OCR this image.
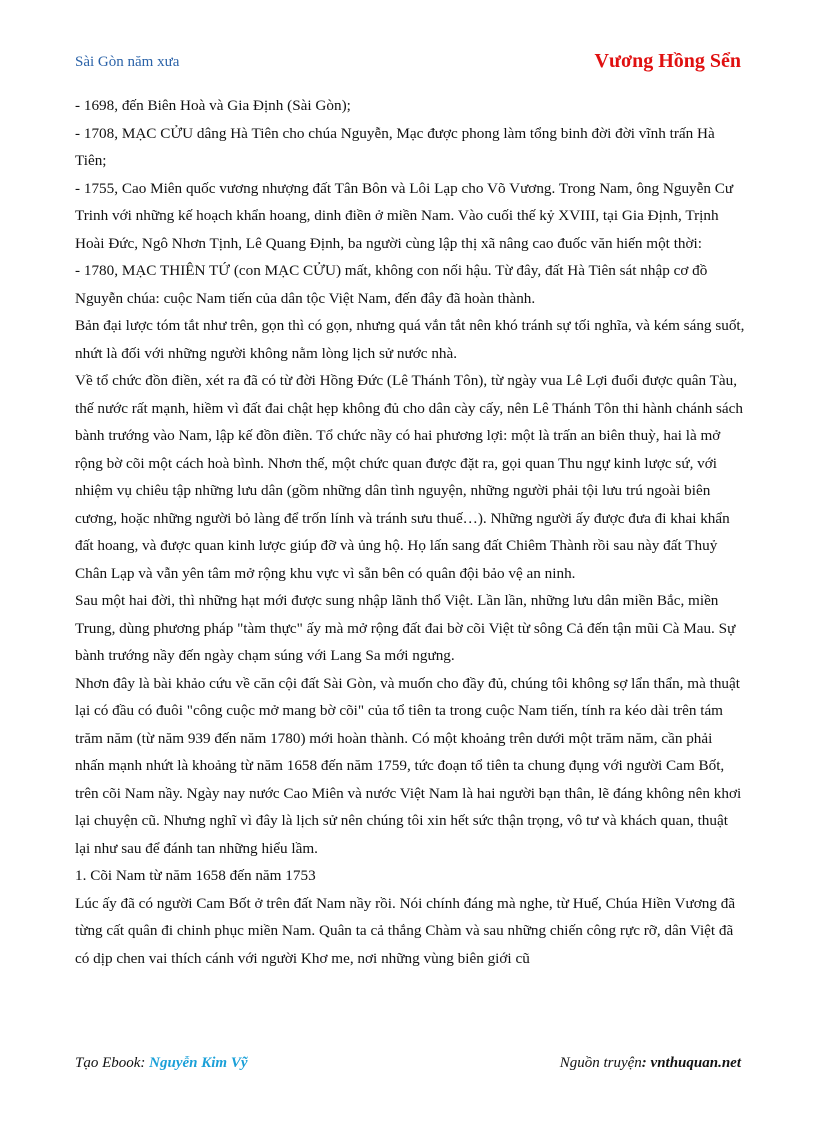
Sài Gòn năm xưa	Vương Hồng Sển

- 1698, đến Biên Hoà và Gia Định (Sài Gòn);

- 1708, MẠC CỬU dâng Hà Tiên cho chúa Nguyễn, Mạc được phong làm tổng binh đời đời vĩnh trấn Hà Tiên;

- 1755, Cao Miên quốc vương nhượng đất Tân Bôn và Lôi Lạp cho Võ Vương. Trong Nam, ông Nguyễn Cư Trinh với những kế hoạch khẩn hoang, dinh điền ở miền Nam. Vào cuối thế kỷ XVIII, tại Gia Định, Trịnh Hoài Đức, Ngô Nhơn Tịnh, Lê Quang Định, ba người cùng lập thị xã nâng cao đuốc văn hiến một thời:

- 1780, MẠC THIÊN TỨ (con MẠC CỬU) mất, không con nối hậu. Từ đây, đất Hà Tiên sát nhập cơ đồ Nguyễn chúa: cuộc Nam tiến của dân tộc Việt Nam, đến đây đã hoàn thành.

Bản đại lược tóm tắt như trên, gọn thì có gọn, nhưng quá vắn tắt nên khó tránh sự tối nghĩa, và kém sáng suốt, nhứt là đối với những người không nằm lòng lịch sử nước nhà.

Về tổ chức đồn điền, xét ra đã có từ đời Hồng Đức (Lê Thánh Tôn), từ ngày vua Lê Lợi đuổi được quân Tàu, thế nước rất mạnh, hiềm vì đất đai chật hẹp không đủ cho dân cày cấy, nên Lê Thánh Tôn thi hành chánh sách bành trướng vào Nam, lập kế đồn điền. Tổ chức nầy có hai phương lợi: một là trấn an biên thuỳ, hai là mở rộng bờ cõi một cách hoà bình. Nhơn thế, một chức quan được đặt ra, gọi quan Thu ngự kinh lược sứ, với nhiệm vụ chiêu tập những lưu dân (gồm những dân tình nguyện, những người phải tội lưu trú ngoài biên cương, hoặc những người bỏ làng để trốn lính và tránh sưu thuế…). Những người ấy được đưa đi khai khẩn đất hoang, và được quan kinh lược giúp đỡ và ủng hộ. Họ lấn sang đất Chiêm Thành rồi sau này đất Thuỷ Chân Lạp và vẫn yên tâm mở rộng khu vực vì sẵn bên có quân đội bảo vệ an ninh.

Sau một hai đời, thì những hạt mới được sung nhập lãnh thổ Việt. Lần lần, những lưu dân miền Bắc, miền Trung, dùng phương pháp "tàm thực" ấy mà mở rộng đất đai bờ cõi Việt từ sông Cả đến tận mũi Cà Mau. Sự bành trướng nầy đến ngày chạm súng với Lang Sa mới ngưng.

Nhơn đây là bài khảo cứu về căn cội đất Sài Gòn, và muốn cho đầy đủ, chúng tôi không sợ lẩn thẩn, mà thuật lại có đầu có đuôi "công cuộc mở mang bờ cõi" của tổ tiên ta trong cuộc Nam tiến, tính ra kéo dài trên tám trăm năm (từ năm 939 đến năm 1780) mới hoàn thành. Có một khoảng trên dưới một trăm năm, cần phải nhấn mạnh nhứt là khoảng từ năm 1658 đến năm 1759, tức đoạn tổ tiên ta chung đụng với người Cam Bốt, trên cõi Nam nầy. Ngày nay nước Cao Miên và nước Việt Nam là hai người bạn thân, lẽ đáng không nên khơi lại chuyện cũ. Nhưng nghĩ vì đây là lịch sử nên chúng tôi xin hết sức thận trọng, vô tư và khách quan, thuật lại như sau để đánh tan những hiểu lầm.

1. Cõi Nam từ năm 1658 đến năm 1753

Lúc ấy đã có người Cam Bốt ở trên đất Nam nầy rồi. Nói chính đáng mà nghe, từ Huế, Chúa Hiền Vương đã từng cất quân đi chinh phục miền Nam. Quân ta cả thắng Chàm và sau những chiến công rực rỡ, dân Việt đã có dịp chen vai thích cánh với người Khơ me, nơi những vùng biên giới cũ

Tạo Ebook: Nguyễn Kim Vỹ	Nguồn truyện: vnthuquan.net
